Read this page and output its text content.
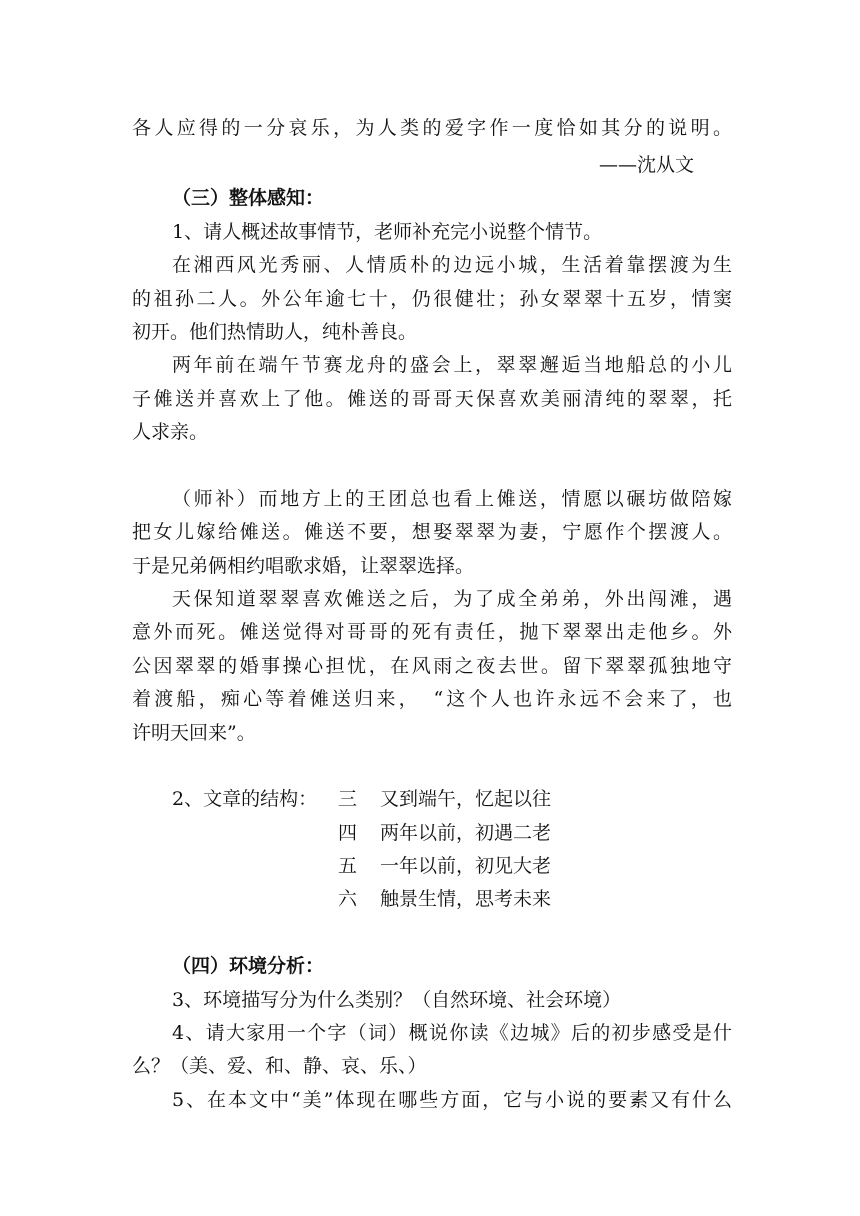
各人应得的一分哀乐，为人类的爱字作一度恰如其分的说明。
——沈从文
（三）整体感知：
1、请人概述故事情节，老师补充完小说整个情节。
在湘西风光秀丽、人情质朴的边远小城，生活着靠摆渡为生
的祖孙二人。外公年逾七十，仍很健壮；孙女翠翠十五岁，情窦
初开。他们热情助人，纯朴善良。
两年前在端午节赛龙舟的盛会上，翠翠邂逅当地船总的小儿
子傩送并喜欢上了他。傩送的哥哥天保喜欢美丽清纯的翠翠，托
人求亲。
（师补）而地方上的王团总也看上傩送，情愿以碾坊做陪嫁
把女儿嫁给傩送。傩送不要，想娶翠翠为妻，宁愿作个摆渡人。
于是兄弟俩相约唱歌求婚，让翠翠选择。
天保知道翠翠喜欢傩送之后，为了成全弟弟，外出闯滩，遇
意外而死。傩送觉得对哥哥的死有责任，抛下翠翠出走他乡。外
公因翠翠的婚事操心担忧，在风雨之夜去世。留下翠翠孤独地守
着渡船，痴心等着傩送归来，　“这个人也许永远不会来了，也
许明天回来”。
2、文章的结构： 三 又到端午，忆起以往
四 两年以前，初遇二老
五 一年以前，初见大老
六 触景生情，思考未来
（四）环境分析：
3、环境描写分为什么类别？（自然环境、社会环境）
4、请大家用一个字（词）概说你读《边城》后的初步感受是什
么？（美、爱、和、静、哀、乐、）
5、在本文中“美”体现在哪些方面，它与小说的要素又有什么
